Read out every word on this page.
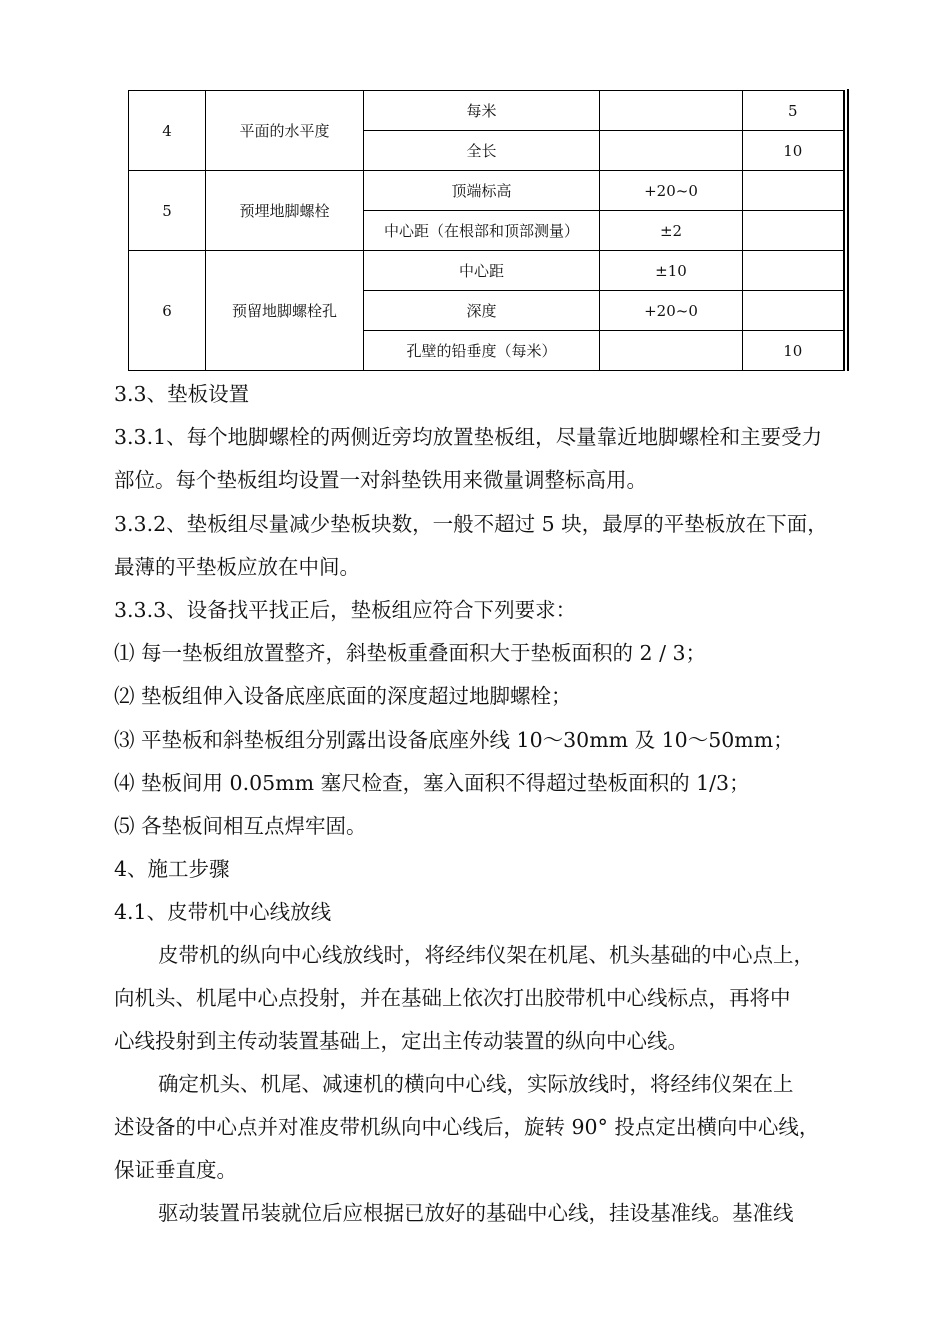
4	平面的水平度	每米		5
		全长		10
5	预埋地脚螺栓	顶端标高	+20~0	
		中心距（在根部和顶部测量）	±2	
6	预留地脚螺栓孔	中心距	±10	
		深度	+20~0	
		孔壁的铅垂度（每米）		10
3.3、垫板设置
3.3.1、每个地脚螺栓的两侧近旁均放置垫板组，尽量靠近地脚螺栓和主要受力
部位。每个垫板组均设置一对斜垫铁用来微量调整标高用。
3.3.2、垫板组尽量减少垫板块数，一般不超过 5 块，最厚的平垫板放在下面，
最薄的平垫板应放在中间。
3.3.3、设备找平找正后，垫板组应符合下列要求：
⑴ 每一垫板组放置整齐，斜垫板重叠面积大于垫板面积的 2 / 3；
⑵ 垫板组伸入设备底座底面的深度超过地脚螺栓；
⑶ 平垫板和斜垫板组分别露出设备底座外线 10～30mm 及 10～50mm；
⑷ 垫板间用 0.05mm 塞尺检查，塞入面积不得超过垫板面积的 1/3；
⑸ 各垫板间相互点焊牢固。
4、施工步骤
4.1、皮带机中心线放线
皮带机的纵向中心线放线时，将经纬仪架在机尾、机头基础的中心点上，
向机头、机尾中心点投射，并在基础上依次打出胶带机中心线标点，再将中
心线投射到主传动装置基础上，定出主传动装置的纵向中心线。
确定机头、机尾、减速机的横向中心线，实际放线时，将经纬仪架在上
述设备的中心点并对准皮带机纵向中心线后，旋转 90° 投点定出横向中心线，
保证垂直度。
驱动装置吊装就位后应根据已放好的基础中心线，挂设基准线。基准线
